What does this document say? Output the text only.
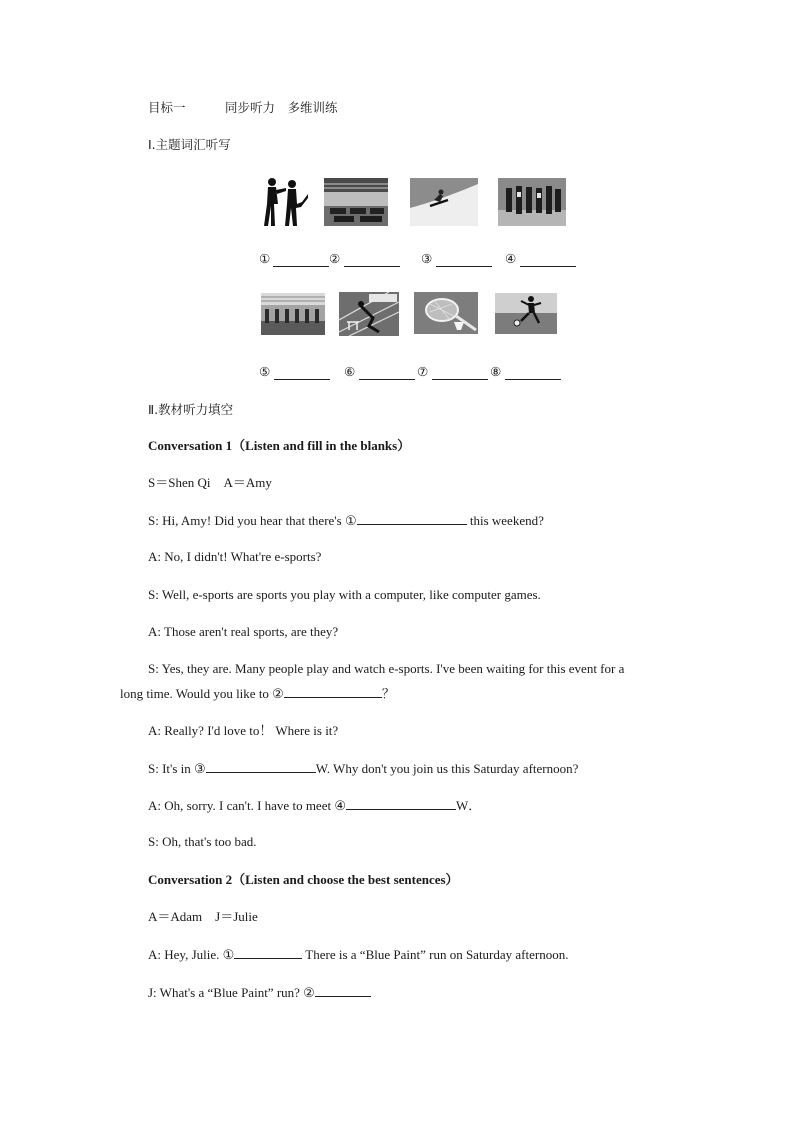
目标一	同步听力　多维训练
Ⅰ.主题词汇听写
①	②	③	④
⑤	⑥	⑦	⑧
Ⅱ.教材听力填空
Conversation 1（Listen and fill in the blanks）
S＝Shen Qi　A＝Amy
S: Hi, Amy! Did you hear that there's ①	this weekend?
A: No, I didn't! What're e-sports?
S: Well, e-sports are sports you play with a computer, like computer games.
A: Those aren't real sports, are they?
S: Yes, they are. Many people play and watch e-sports. I've been waiting for this event for a
long time. Would you like to ②	？
A: Really? I'd love to！ Where is it?
S: It's in ③	W. Why don't you join us this Saturday afternoon?
A: Oh, sorry. I can't. I have to meet ④	W．
S: Oh, that's too bad.
Conversation 2（Listen and choose the best sentences）
A＝Adam　J＝Julie
A: Hey, Julie. ①	There is a “Blue Paint” run on Saturday afternoon.
J: What's a “Blue Paint” run? ②
